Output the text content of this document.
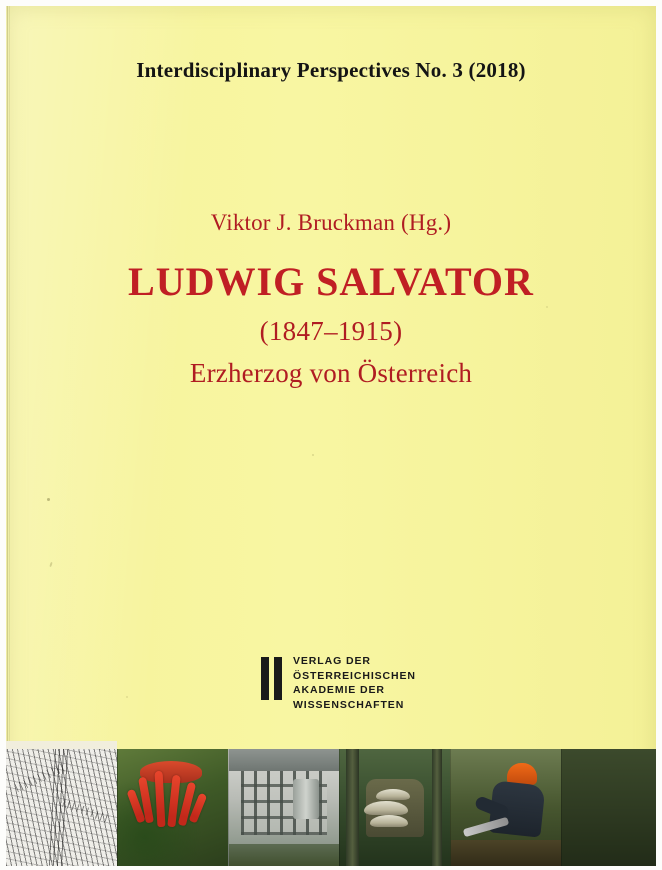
Interdisciplinary Perspectives No. 3 (2018)
Viktor J. Bruckman (Hg.)
LUDWIG SALVATOR
(1847–1915)
Erzherzog von Österreich
VERLAG DER
ÖSTERREICHISCHEN
AKADEMIE DER
WISSENSCHAFTEN
